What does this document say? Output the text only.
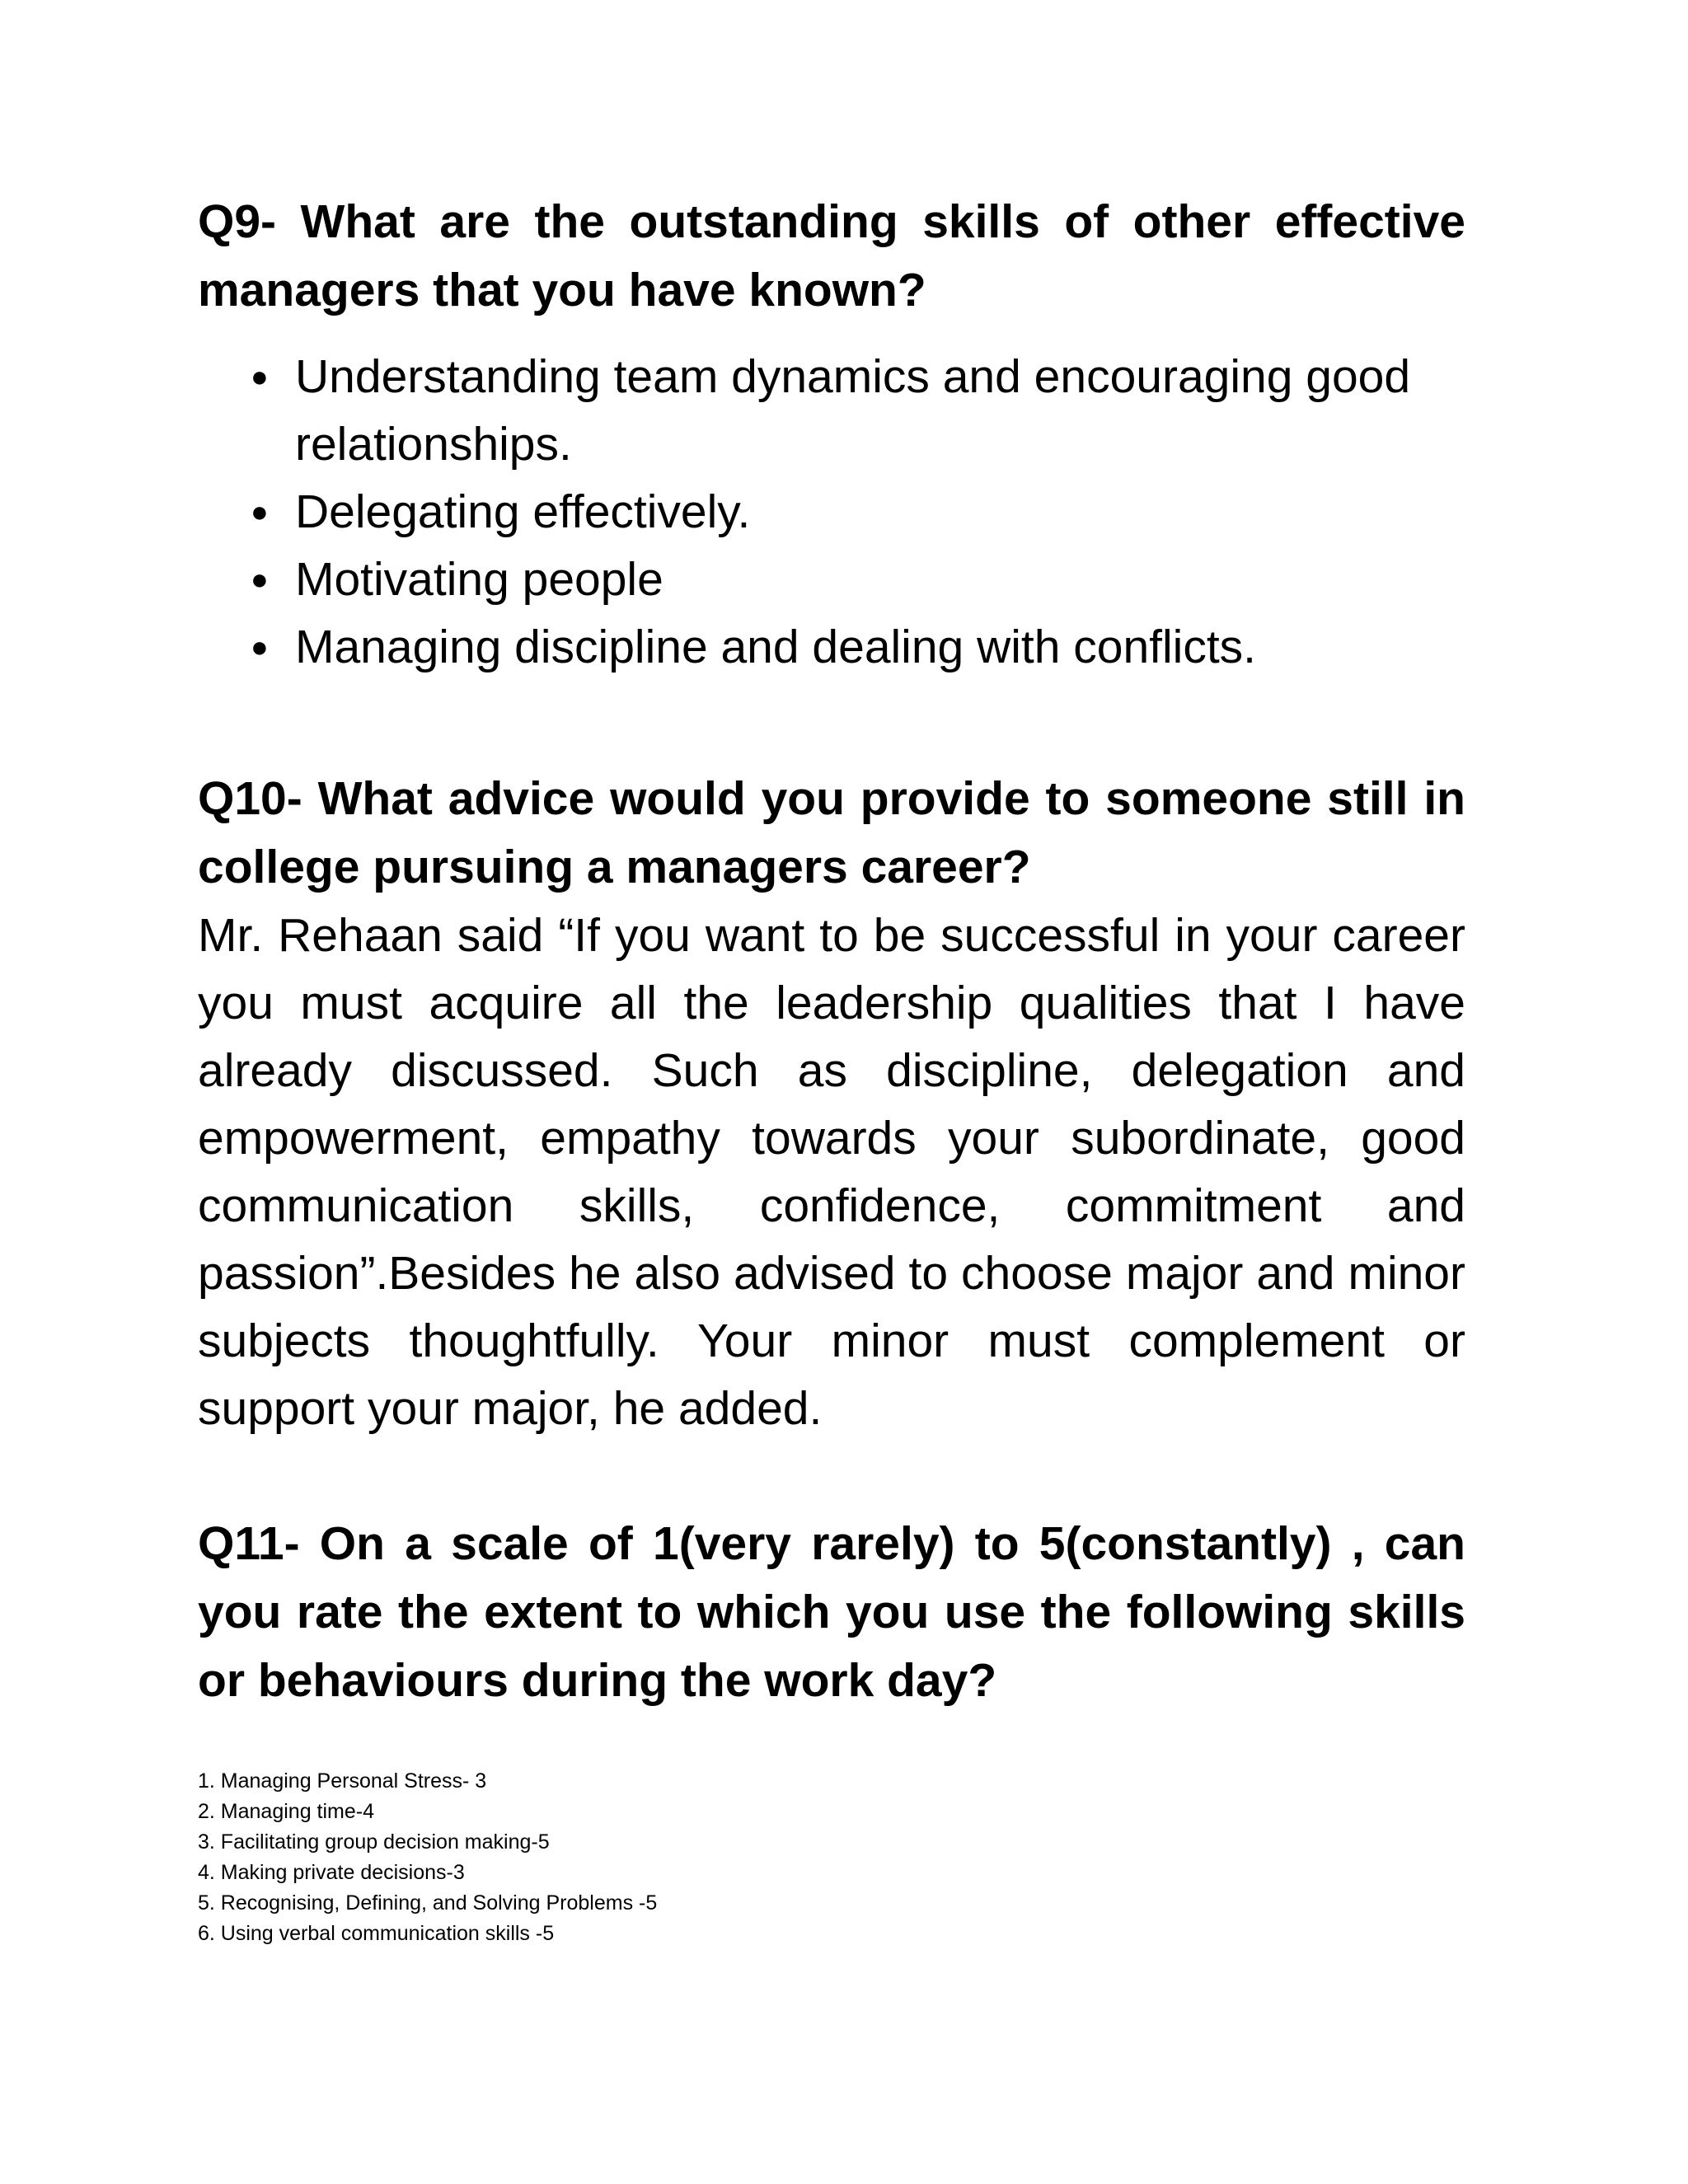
Q9- What are the outstanding skills of other effective managers that you have known?

● Understanding team dynamics and encouraging good relationships.
● Delegating effectively.
● Motivating people
● Managing discipline and dealing with conflicts.

Q10- What advice would you provide to someone still in college pursuing a managers career?

Mr. Rehaan said “If you want to be successful in your career you must acquire all the leadership qualities that I have already discussed. Such as discipline, delegation and empowerment, empathy towards your subordinate, good communication skills, confidence, commitment and passion”.Besides he also advised to choose major and minor subjects thoughtfully. Your minor must complement or support your major, he added.

Q11- On a scale of 1(very rarely) to 5(constantly) , can you rate the extent to which you use the following skills or behaviours during the work day?

1. Managing Personal Stress- 3
2. Managing time-4
3. Facilitating group decision making-5
4. Making private decisions-3
5. Recognising, Defining, and Solving Problems -5
6. Using verbal communication skills -5
